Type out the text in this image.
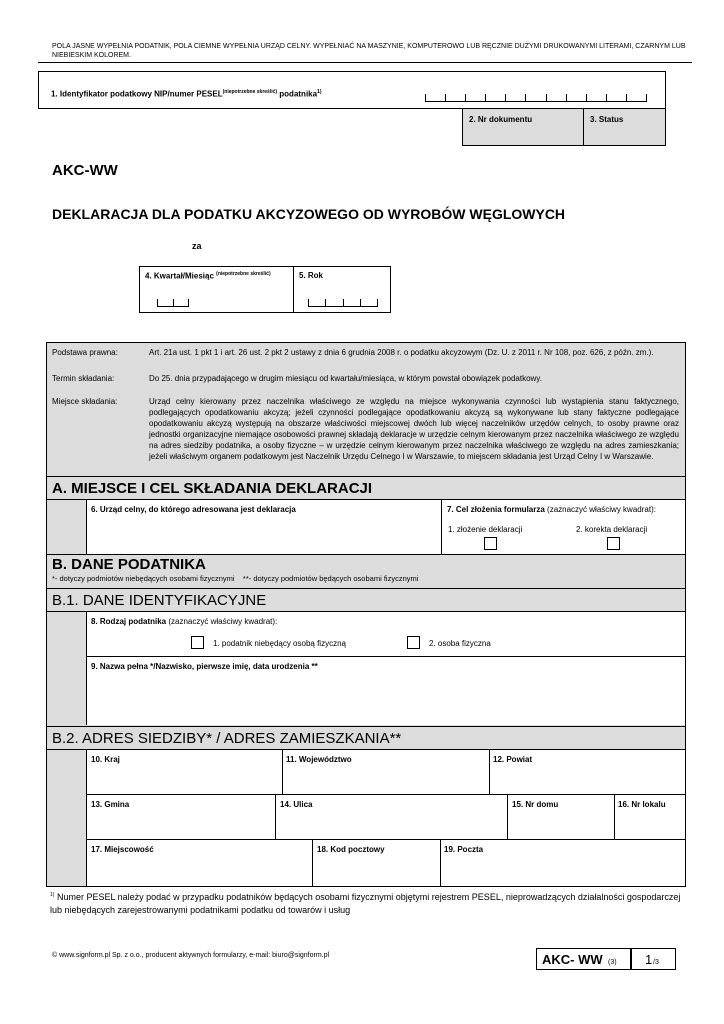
POLA JASNE WYPEŁNIA PODATNIK, POLA CIEMNE WYPEŁNIA URZĄD CELNY. WYPEŁNIAĆ NA MASZYNIE, KOMPUTEROWO LUB RĘCZNIE DUŻYMI DRUKOWANYMI LITERAMI, CZARNYM LUB NIEBIESKIM KOLOREM.
1. Identyfikator podatkowy NIP/numer $PESEL^{(niepotrzebne skreślić)}$ podatnika$^{1)}$
2. Nr dokumentu	3. Status
AKC-WW
DEKLARACJA DLA PODATKU AKCYZOWEGO OD WYROBÓW WĘGLOWYCH
za
4. Kwartał/Miesiąc $^{(niepotrzebne skreślić)}$	5. Rok
Podstawa prawna:	Art. 21a ust. 1 pkt 1 i art. 26 ust. 2 pkt 2 ustawy z dnia 6 grudnia 2008 r. o podatku akcyzowym (Dz. U. z 2011 r. Nr 108, poz. 626, z późn. zm.).
Termin składania:	Do 25. dnia przypadającego w drugim miesiącu od kwartału/miesiąca, w którym powstał obowiązek podatkowy.
Miejsce składania:	Urząd celny kierowany przez naczelnika właściwego ze względu na miejsce wykonywania czynności lub wystąpienia stanu faktycznego, podlegających opodatkowaniu akcyzą; jeżeli czynności podlegające opodatkowaniu akcyzą są wykonywane lub stany faktyczne podlegające opodatkowaniu akcyzą występują na obszarze właściwości miejscowej dwóch lub więcej naczelników urzędów celnych, to osoby prawne oraz jednostki organizacyjne niemające osobowości prawnej składają deklaracje w urzędzie celnym kierowanym przez naczelnika właściwego ze względu na adres siedziby podatnika, a osoby fizyczne – w urzędzie celnym kierowanym przez naczelnika właściwego ze względu na adres zamieszkania; jeżeli właściwym organem podatkowym jest Naczelnik Urzędu Celnego I w Warszawie, to miejscem składania jest Urząd Celny I w Warszawie.
A. MIEJSCE I CEL SKŁADANIA DEKLARACJI
6. Urząd celny, do którego adresowana jest deklaracja	7. Cel złożenia formularza (zaznaczyć właściwy kwadrat):
1. złożenie deklaracji	2. korekta deklaracji
B. DANE PODATNIKA
*- dotyczy podmiotów niebędących osobami fizycznymi    **- dotyczy podmiotów będących osobami fizycznymi
B.1. DANE IDENTYFIKACYJNE
8. Rodzaj podatnika (zaznaczyć właściwy kwadrat):
1. podatnik niebędący osobą fizyczną	2. osoba fizyczna
9. Nazwa pełna */Nazwisko, pierwsze imię, data urodzenia **
B.2. ADRES SIEDZIBY* / ADRES ZAMIESZKANIA**
10. Kraj	11. Województwo	12. Powiat
13. Gmina	14. Ulica	15. Nr domu	16. Nr lokalu
17. Miejscowość	18. Kod pocztowy	19. Poczta
$^{1)}$ Numer PESEL należy podać w przypadku podatników będących osobami fizycznymi objętymi rejestrem PESEL, nieprowadzących działalności gospodarczej lub niebędących zarejestrowanymi podatnikami podatku od towarów i usług
© www.signform.pl Sp. z o.o., producent aktywnych formularzy, e-mail: biuro@signform.pl	AKC- WW (3) 1 /3
